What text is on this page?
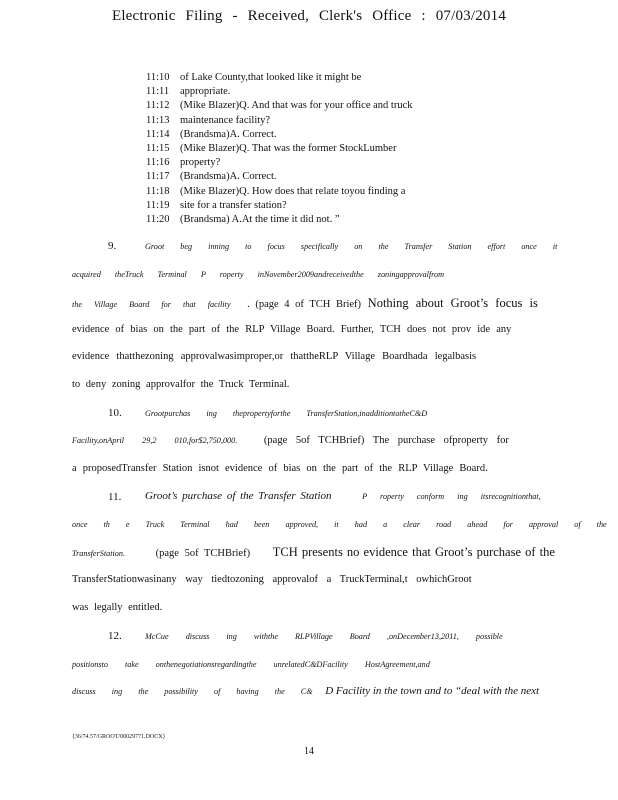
Electronic Filing - Received, Clerk's Office : 07/03/2014
11:10 of Lake County,that looked like it might be
11:11 appropriate.
11:12 (Mike Blazer)Q. And that was for your office and truck
11:13 maintenance facility?
11:14 (Brandsma)A. Correct.
11:15 (Mike Blazer)Q. That was the former StockLumber
11:16 property?
11:17 (Brandsma)A. Correct.
11:18 (Mike Blazer)Q. How does that relate toyou finding a
11:19 site for a transfer station?
11:20 (Brandsma) A.At the time it did not. ”
9.	Groot beg inning to focus specifically on the Transfer Station effort once it
acquired theTruck Terminal P roperty inNovember2009andreceivedthe zoningapprovalfrom
the Village Board for that facility . (page 4 of TCH Brief) Nothing about Groot’s focus is
evidence of bias on the part of the RLP Village Board. Further, TCH does not prov ide any
evidence thatthezoning approvalwasimproper,or thattheRLP Village Boardhada legalbasis
to deny zoning approvalfor the Truck Terminal.
10.	Grootpurchas ing thepropertyforthe TransferStation,inadditiontotheC&D
Facility,onApril 29,2 010,for$2,750,000.	(page 5of TCHBrief) The purchase ofproperty for
a proposedTransfer Station isnot evidence of bias on the part of the RLP Village Board.
11. Groot’s purchase of the Transfer Station	P roperty conform ing itsrecognitionthat,
once th e Truck Terminal had been approved, it had a clear road ahead for approval of the
TransferStation.	(page 5of TCHBrief) TCH presents no evidence that Groot’s purchase of the
TransferStationwasinany way tiedtozoning approvalof a TruckTerminal,t owhichGroot
was legally entitled.
12.	McCue discuss ing withthe RLPVillage Board ,onDecember13,2011, possible
positionsto take onthenegotiationsregardingthe unrelatedC&DFacility HostAgreement,and
discuss ing the possibility of having the C& D Facility in the town and to “deal with the next
{36/74.57/GROOT/00029771.DOCX}
14
